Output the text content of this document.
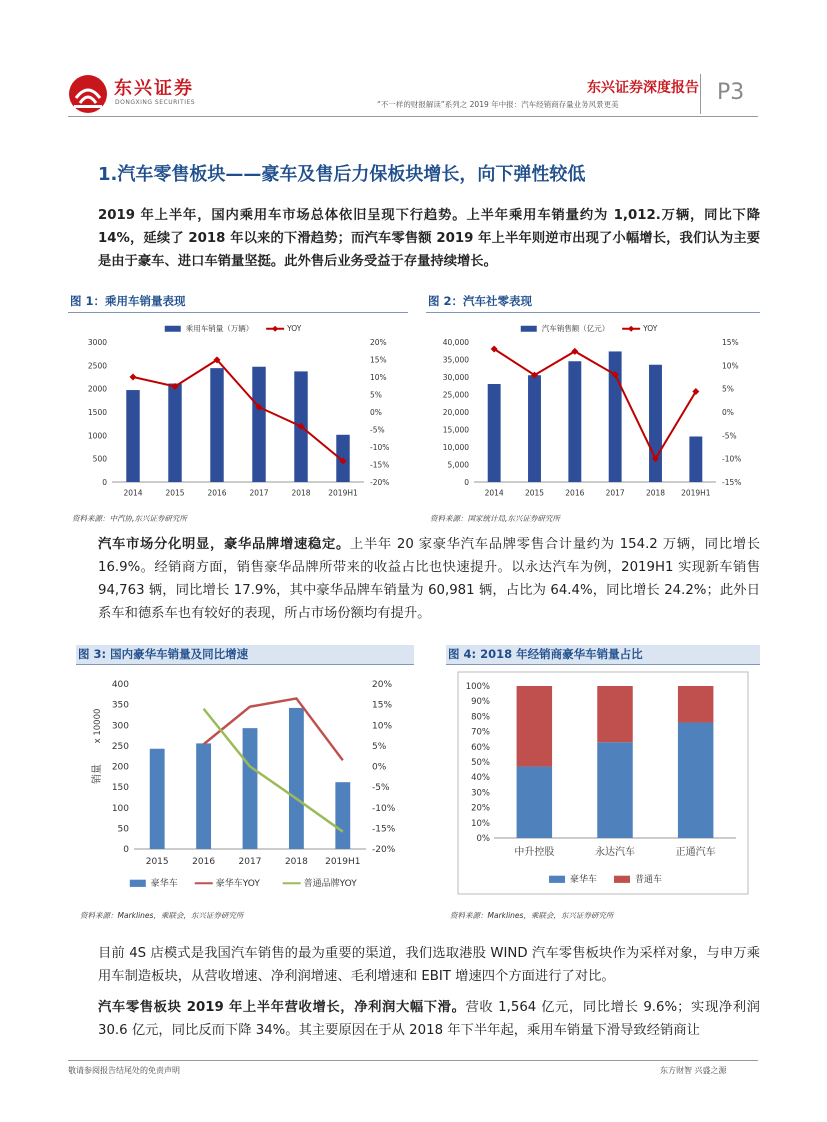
东兴证券
DONGXING SECURITIES
东兴证券深度报告
“不一样的财报解读”系列之 2019 年中报：汽车经销商存量业务风景更美	P3
1.汽车零售板块——豪车及售后力保板块增长，向下弹性较低
2019 年上半年，国内乘用车市场总体依旧呈现下行趋势。上半年乘用车销量约为 1,012.万辆，同比下降 14%，延续了 2018 年以来的下滑趋势；而汽车零售额 2019 年上半年则逆市出现了小幅增长，我们认为主要是由于豪车、进口车销量坚挺。此外售后业务受益于存量持续增长。
图 1：乘用车销量表现
0
500
1000
1500
2000
2500
3000
-20%
-15%
-10%
-5%
0%
5%
10%
15%
20%
2014	2015	2016	2017	2018 2019H1
乘用车销量（万辆）	YOY
资料来源：中汽协,东兴证券研究所
图 2：汽车社零表现
0
5,000
10,000
15,000
20,000
25,000
30,000
35,000
40,000
-15%
-10%
-5%
0%
5%
10%
15%
2014	2015	2016	2017	2018 2019H1
汽车销售额（亿元）	YOY
资料来源：国家统计局,东兴证券研究所
汽车市场分化明显，豪华品牌增速稳定。上半年 20 家豪华汽车品牌零售合计量约为 154.2 万辆，同比增长 16.9%。经销商方面，销售豪华品牌所带来的收益占比也快速提升。以永达汽车为例，2019H1 实现新车销售 94,763 辆，同比增长 17.9%，其中豪华品牌车销量为 60,981 辆，占比为 64.4%，同比增长 24.2%；此外日系车和德系车也有较好的表现，所占市场份额均有提升。
图 3: 国内豪华车销量及同比增速
0
50
100
150
200
250
300
350
400
-20%
-15%
-10%
-5%
0%
5%
10%
15%
20%
2015	2016	2017	2018 2019H1
x 10000
销量
豪华车	豪华车YOY	普通品牌YOY
资料来源：Marklines，乘联会，东兴证券研究所
图 4: 2018 年经销商豪华车销量占比
0%
10%
20%
30%
40%
50%
60%
70%
80%
90%
100%
中升控股	永达汽车	正通汽车
豪华车	普通车
资料来源：Marklines，乘联会，东兴证券研究所
目前 4S 店模式是我国汽车销售的最为重要的渠道，我们选取港股 WIND 汽车零售板块作为采样对象，与申万乘用车制造板块，从营收增速、净利润增速、毛利增速和 EBIT 增速四个方面进行了对比。
汽车零售板块 2019 年上半年营收增长，净利润大幅下滑。营收 1,564 亿元，同比增长 9.6%；实现净利润 30.6 亿元，同比反而下降 34%。其主要原因在于从 2018 年下半年起，乘用车销量下滑导致经销商让
敬请参阅报告结尾处的免责声明	东方财智 兴盛之源
